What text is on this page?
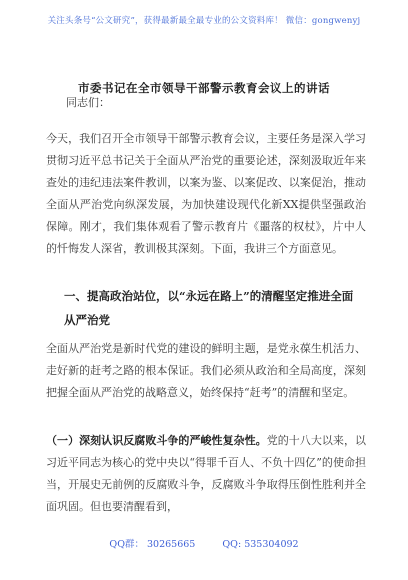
关注头条号“公文研究”，获得最新最全最专业的公文资料库！ 微信：gongwenyj
市委书记在全市领导干部警示教育会议上的讲话

同志们：

今天，我们召开全市领导干部警示教育会议，主要任务是深入学习贯彻习近平总书记关于全面从严治党的重要论述，深刻汲取近年来查处的违纪违法案件教训，以案为鉴、以案促改、以案促治，推动全面从严治党向纵深发展，为加快建设现代化新XX提供坚强政治保障。刚才，我们集体观看了警示教育片《噩落的权杖》，片中人的忏悔发人深省，教训极其深刻。下面，我讲三个方面意见。

一、提高政治站位，以“永远在路上”的清醒坚定推进全面从严治党

全面从严治党是新时代党的建设的鲜明主题，是党永葆生机活力、走好新的赶考之路的根本保证。我们必须从政治和全局高度，深刻把握全面从严治党的战略意义，始终保持“赶考”的清醒和坚定。

（一）深刻认识反腐败斗争的严峻性复杂性。党的十八大以来，以习近平同志为核心的党中央以“得罪千百人、不负十四亿”的使命担当，开展史无前例的反腐败斗争，反腐败斗争取得压倒性胜利并全面巩固。但也要清醒看到，

QQ群： 30265665	QQ: 535304092
